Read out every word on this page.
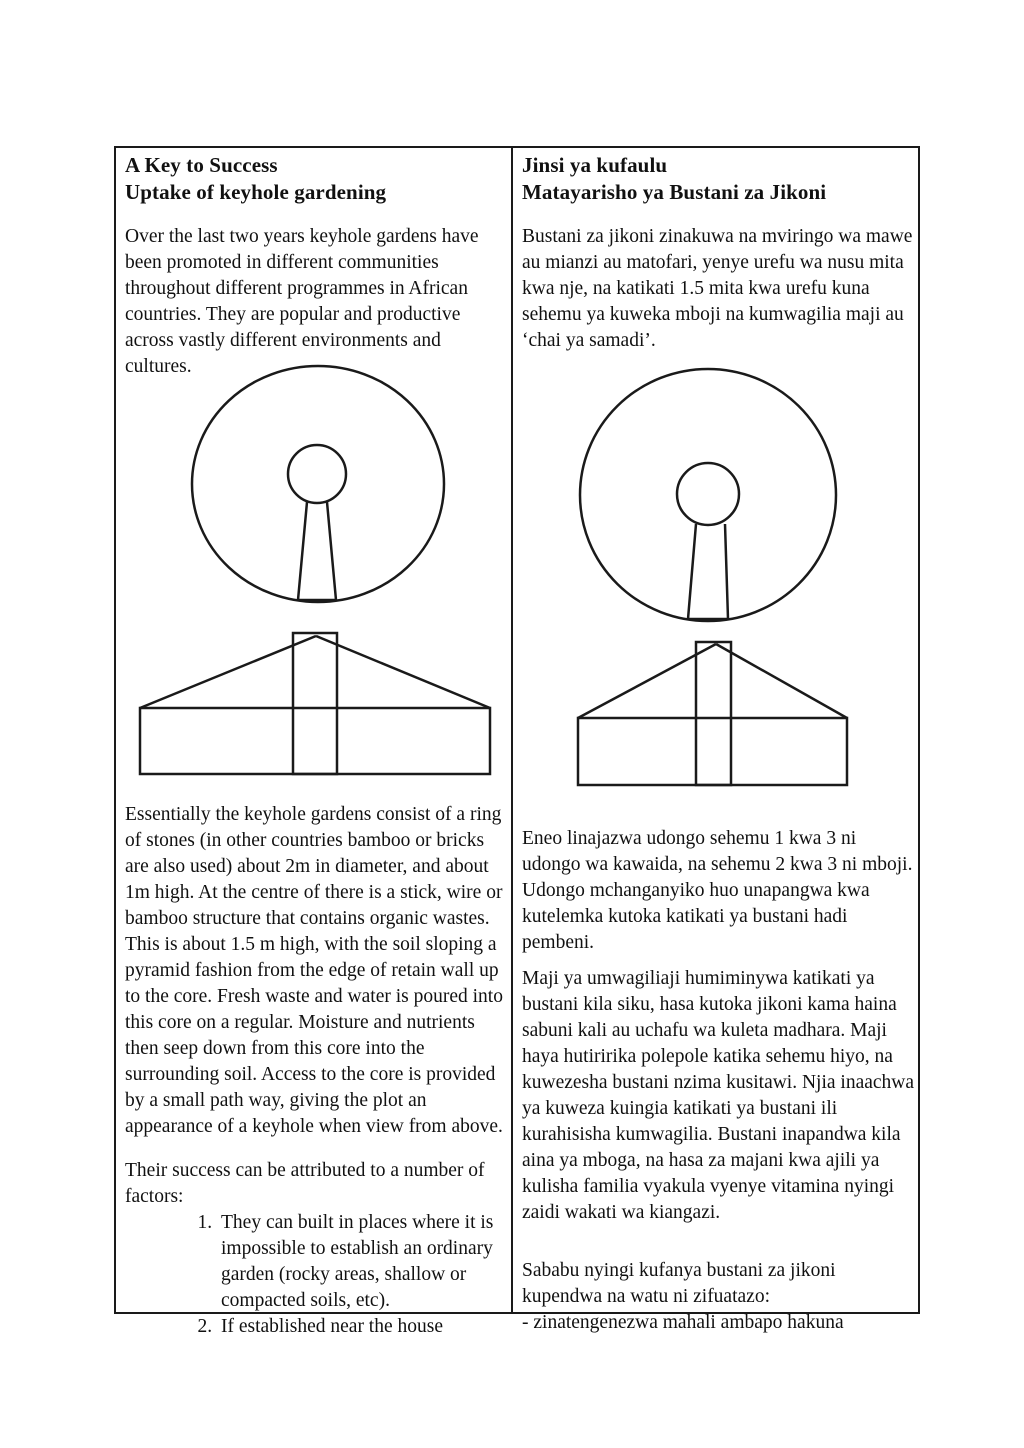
A Key to Success
Uptake of keyhole gardening

Over the last two years keyhole gardens have been promoted in different communities throughout different programmes in African countries. They are popular and productive across vastly different environments and cultures.

Essentially the keyhole gardens consist of a ring of stones (in other countries bamboo or bricks are also used) about 2m in diameter, and about 1m high. At the centre of there is a stick, wire or bamboo structure that contains organic wastes. This is about 1.5 m high, with the soil sloping a pyramid fashion from the edge of retain wall up to the core. Fresh waste and water is poured into this core on a regular. Moisture and nutrients then seep down from this core into the surrounding soil. Access to the core is provided by a small path way, giving the plot an appearance of a keyhole when view from above.

Their success can be attributed to a number of factors:

1. They can built in places where it is impossible to establish an ordinary garden (rocky areas, shallow or compacted soils, etc).
2. If established near the house
Jinsi ya kufaulu
Matayarisho ya Bustani za Jikoni

Bustani za jikoni zinakuwa na mviringo wa mawe au mianzi au matofari, yenye urefu wa nusu mita kwa nje, na katikati 1.5 mita kwa urefu kuna sehemu ya kuweka mboji na kumwagilia maji au ‘chai ya samadi’.

Eneo linajazwa udongo sehemu 1 kwa 3 ni udongo wa kawaida, na sehemu 2 kwa 3 ni mboji. Udongo mchanganyiko huo unapangwa kwa kutelemka kutoka katikati ya bustani hadi pembeni.

Maji ya umwagiliaji humiminywa katikati ya bustani kila siku, hasa kutoka jikoni kama haina sabuni kali au uchafu wa kuleta madhara. Maji haya hutiririka polepole katika sehemu hiyo, na kuwezesha bustani nzima kusitawi. Njia inaachwa ya kuweza kuingia katikati ya bustani ili kurahisisha kumwagilia. Bustani inapandwa kila aina ya mboga, na hasa za majani kwa ajili ya kulisha familia vyakula vyenye vitamina nyingi zaidi wakati wa kiangazi.

Sababu nyingi kufanya bustani za jikoni kupendwa na watu ni zifuatazo:
- zinatengenezwa mahali ambapo hakuna
